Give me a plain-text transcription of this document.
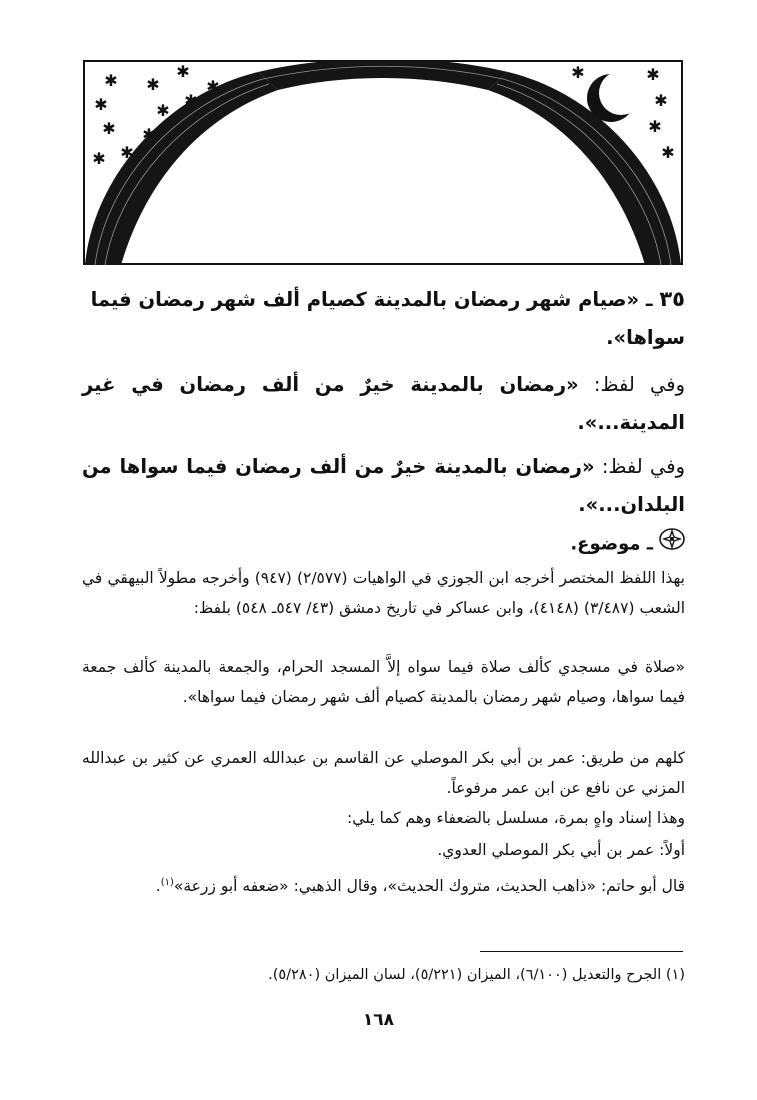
✱ ✱
✱
✱
✱
✱
✱
✱ ✱
✱ ✱
✱	✱
✱
✱
✱
٣٥ ـ «صيام شهر رمضان بالمدينة كصيام ألف شهر رمضان فيما
سواها».
وفي لفظ: «رمضان بالمدينة خيرٌ من ألف رمضان في غير المدينة...».
وفي لفظ: «رمضان بالمدينة خيرٌ من ألف رمضان فيما سواها من البلدان...».
ـ موضوع.
بهذا اللفظ المختصر أخرجه ابن الجوزي في الواهيات (٢/٥٧٧) (٩٤٧) وأخرجه مطولاً البيهقي في الشعب (٣/٤٨٧) (٤١٤٨)، وابن عساكر في تاريخ دمشق (٤٣/ ٥٤٧ـ ٥٤٨) بلفظ:
«صلاة في مسجدي كألف صلاة فيما سواه إلاَّ المسجد الحرام، والجمعة بالمدينة كألف جمعة فيما سواها، وصيام شهر رمضان بالمدينة كصيام ألف شهر رمضان فيما سواها».
كلهم من طريق: عمر بن أبي بكر الموصلي عن القاسم بن عبدالله العمري عن كثير بن عبدالله المزني عن نافع عن ابن عمر مرفوعاً.
وهذا إسناد واهٍ بمرة، مسلسل بالضعفاء وهم كما يلي:
أولاً: عمر بن أبي بكر الموصلي العدوي.
قال أبو حاتم: «ذاهب الحديث، متروك الحديث»، وقال الذهبي: «ضعفه أبو زرعة»$^{(١)}$.
(١) الجرح والتعديل (٦/١٠٠)، الميزان (٥/٢٢١)، لسان الميزان (٥/٢٨٠).
١٦٨
